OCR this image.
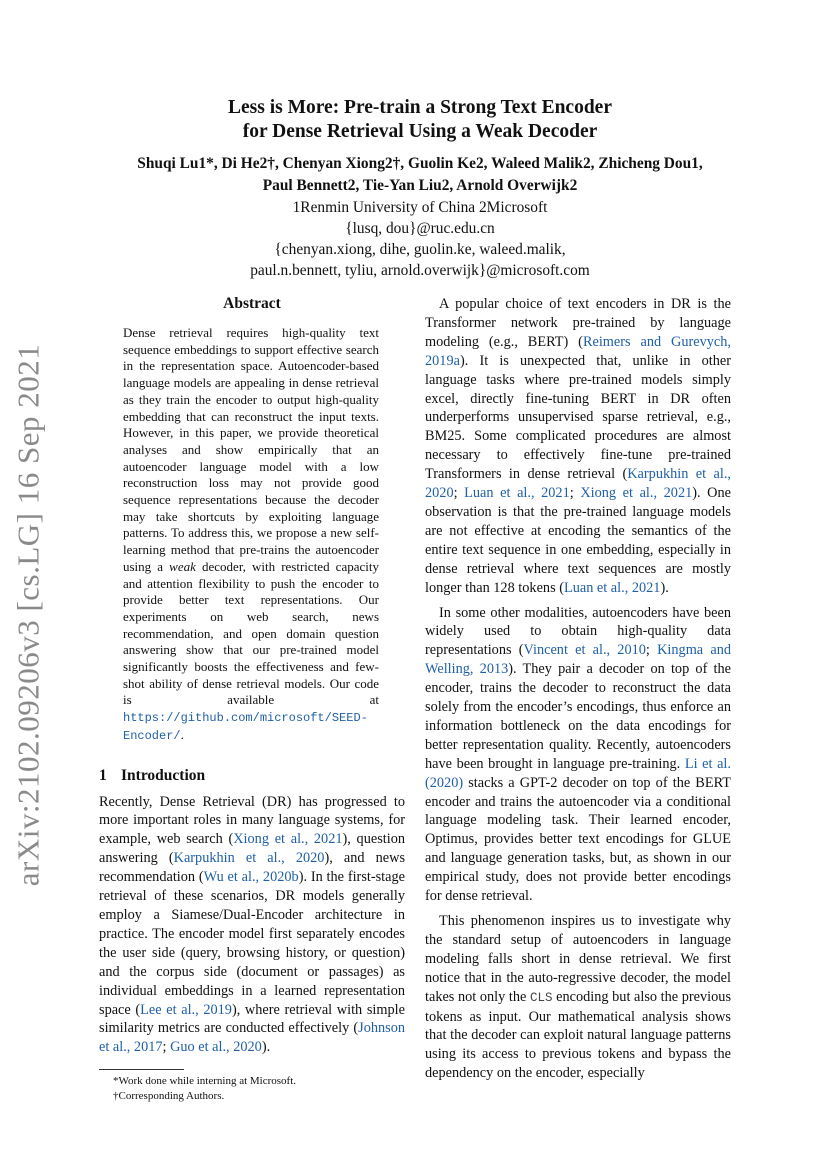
arXiv:2102.09206v3 [cs.LG] 16 Sep 2021
Less is More: Pre-train a Strong Text Encoder
for Dense Retrieval Using a Weak Decoder
Shuqi Lu1*, Di He2†, Chenyan Xiong2†, Guolin Ke2, Waleed Malik2, Zhicheng Dou1,
Paul Bennett2, Tie-Yan Liu2, Arnold Overwijk2
1Renmin University of China 2Microsoft
{lusq, dou}@ruc.edu.cn
{chenyan.xiong, dihe, guolin.ke, waleed.malik,
paul.n.bennett, tyliu, arnold.overwijk}@microsoft.com
Abstract

Dense retrieval requires high-quality text sequence embeddings to support effective search in the representation space. Autoencoder-based language models are appealing in dense retrieval as they train the encoder to output high-quality embedding that can reconstruct the input texts. However, in this paper, we provide theoretical analyses and show empirically that an autoencoder language model with a low reconstruction loss may not provide good sequence representations because the decoder may take shortcuts by exploiting language patterns. To address this, we propose a new self-learning method that pre-trains the autoencoder using a weak decoder, with restricted capacity and attention flexibility to push the encoder to provide better text representations. Our experiments on web search, news recommendation, and open domain question answering show that our pre-trained model significantly boosts the effectiveness and few-shot ability of dense retrieval models. Our code is available at https://github.com/microsoft/SEED-Encoder/.

1 Introduction

Recently, Dense Retrieval (DR) has progressed to more important roles in many language systems, for example, web search (Xiong et al., 2021), question answering (Karpukhin et al., 2020), and news recommendation (Wu et al., 2020b). In the first-stage retrieval of these scenarios, DR models generally employ a Siamese/Dual-Encoder architecture in practice. The encoder model first separately encodes the user side (query, browsing history, or question) and the corpus side (document or passages) as individual embeddings in a learned representation space (Lee et al., 2019), where retrieval with simple similarity metrics are conducted effectively (Johnson et al., 2017; Guo et al., 2020).

*Work done while interning at Microsoft.
†Corresponding Authors.

A popular choice of text encoders in DR is the Transformer network pre-trained by language modeling (e.g., BERT) (Reimers and Gurevych, 2019a). It is unexpected that, unlike in other language tasks where pre-trained models simply excel, directly fine-tuning BERT in DR often underperforms unsupervised sparse retrieval, e.g., BM25. Some complicated procedures are almost necessary to effectively fine-tune pre-trained Transformers in dense retrieval (Karpukhin et al., 2020; Luan et al., 2021; Xiong et al., 2021). One observation is that the pre-trained language models are not effective at encoding the semantics of the entire text sequence in one embedding, especially in dense retrieval where text sequences are mostly longer than 128 tokens (Luan et al., 2021).

In some other modalities, autoencoders have been widely used to obtain high-quality data representations (Vincent et al., 2010; Kingma and Welling, 2013). They pair a decoder on top of the encoder, trains the decoder to reconstruct the data solely from the encoder’s encodings, thus enforce an information bottleneck on the data encodings for better representation quality. Recently, autoencoders have been brought in language pre-training. Li et al. (2020) stacks a GPT-2 decoder on top of the BERT encoder and trains the autoencoder via a conditional language modeling task. Their learned encoder, Optimus, provides better text encodings for GLUE and language generation tasks, but, as shown in our empirical study, does not provide better encodings for dense retrieval.

This phenomenon inspires us to investigate why the standard setup of autoencoders in language modeling falls short in dense retrieval. We first notice that in the auto-regressive decoder, the model takes not only the CLS encoding but also the previous tokens as input. Our mathematical analysis shows that the decoder can exploit natural language patterns using its access to previous tokens and bypass the dependency on the encoder, especially
